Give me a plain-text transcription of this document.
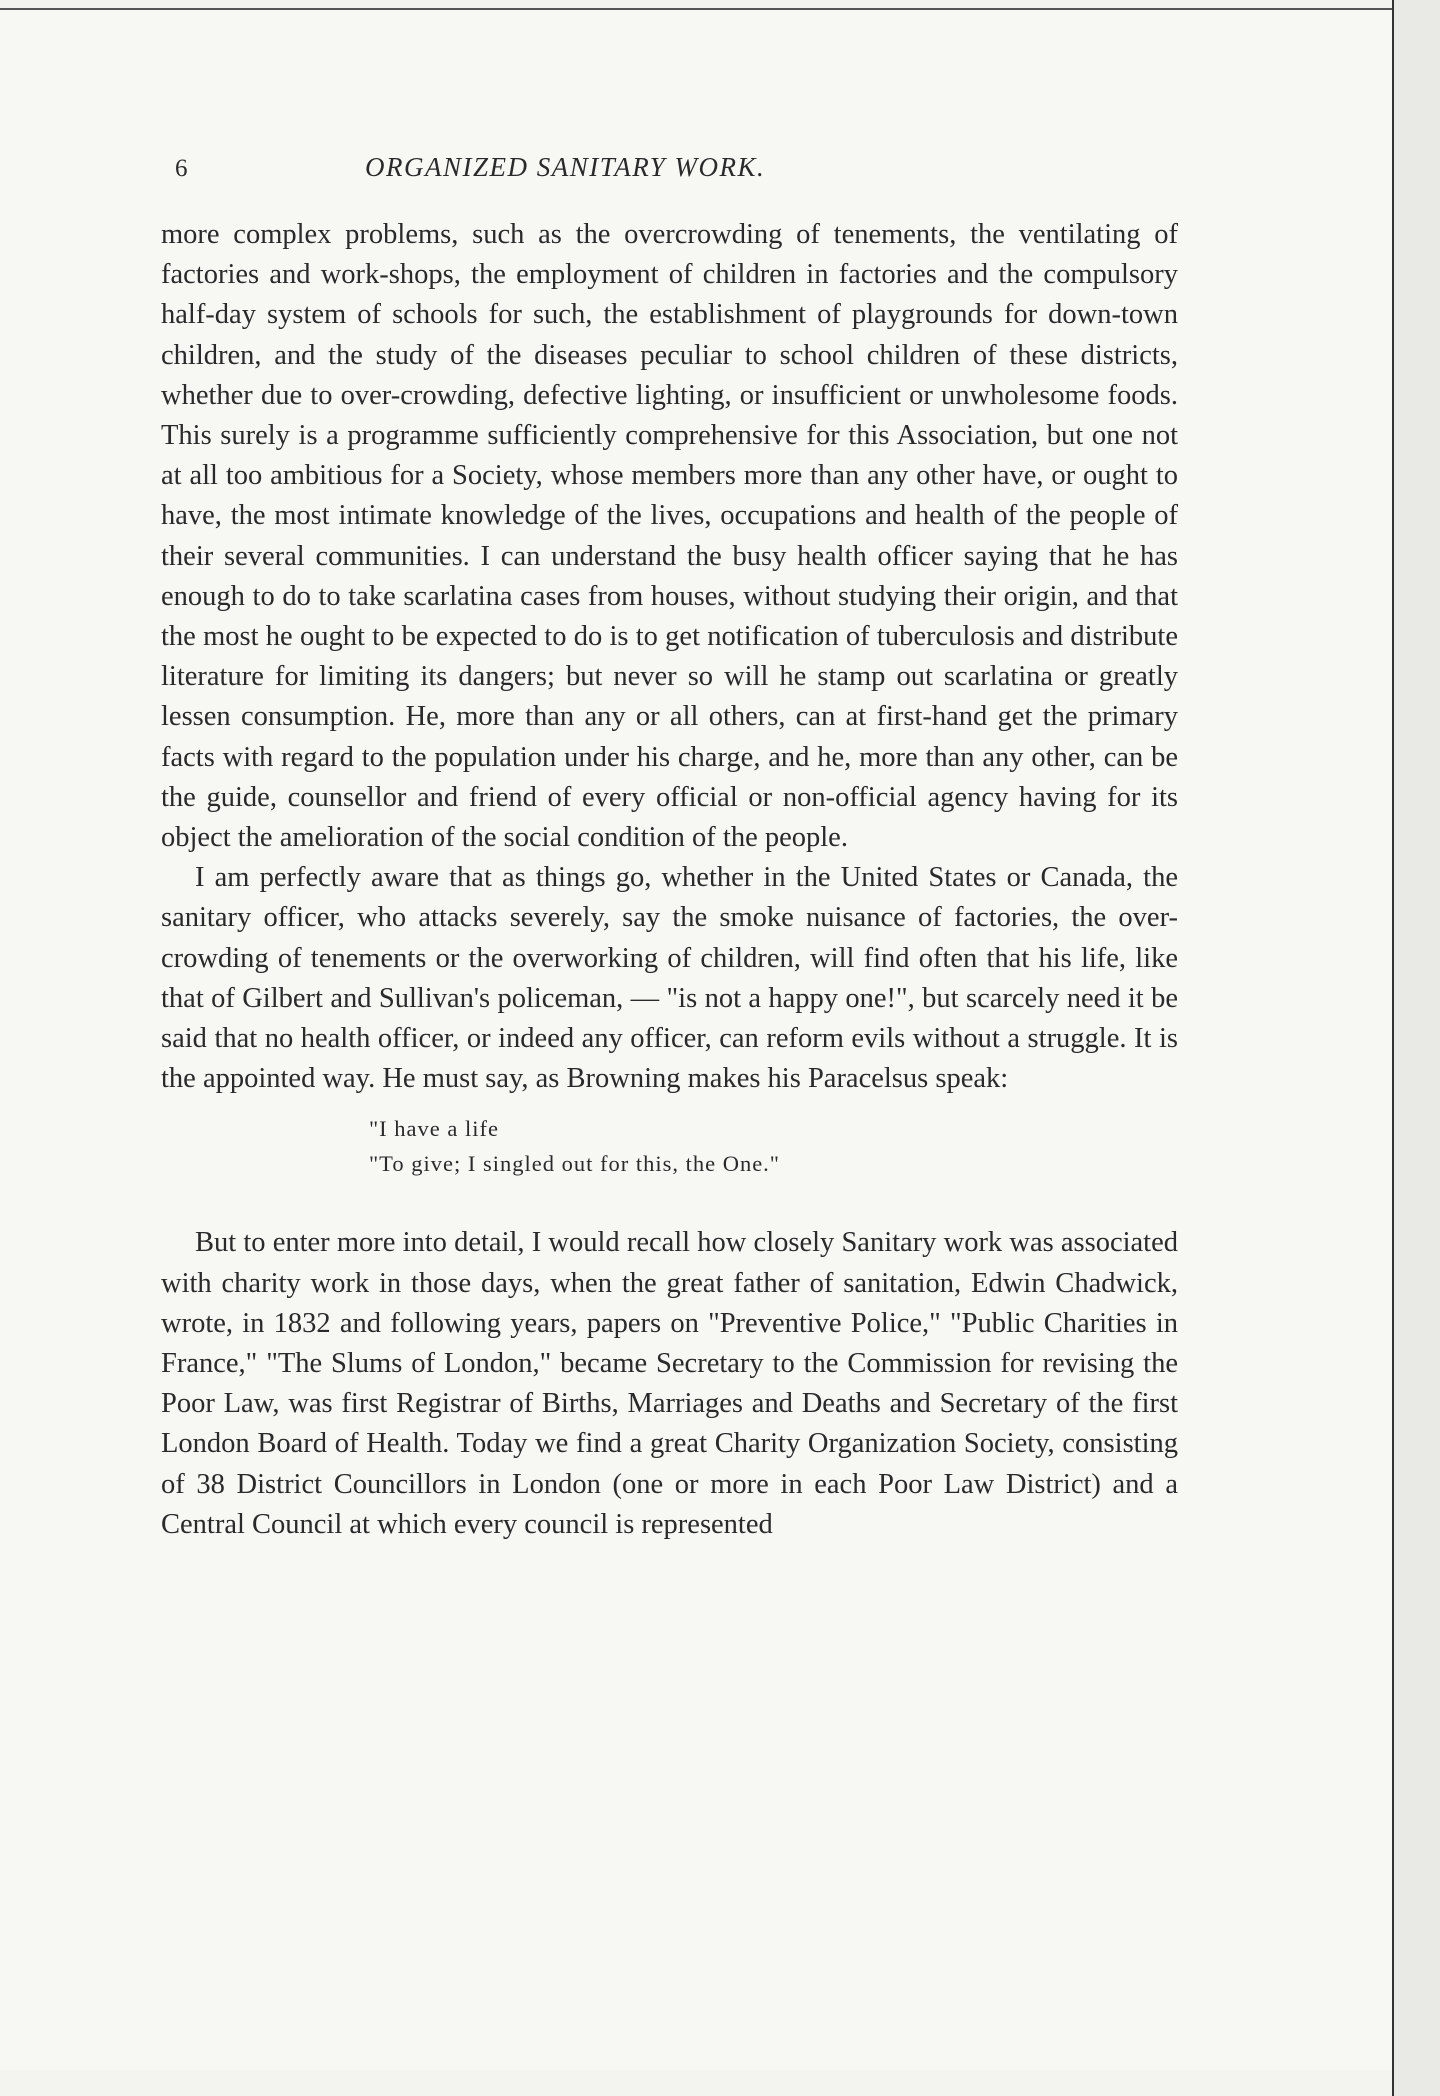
6	ORGANIZED SANITARY WORK.

more complex problems, such as the overcrowding of tenements, the ventilating of factories and work-shops, the employment of children in factories and the compulsory half-day system of schools for such, the establishment of playgrounds for down-town children, and the study of the diseases peculiar to school children of these districts, whether due to over-crowding, defective lighting, or insufficient or unwholesome foods. This surely is a programme sufficiently comprehensive for this Association, but one not at all too ambitious for a Society, whose members more than any other have, or ought to have, the most intimate knowledge of the lives, occupations and health of the people of their several communities. I can understand the busy health officer saying that he has enough to do to take scarlatina cases from houses, without studying their origin, and that the most he ought to be expected to do is to get notification of tuberculosis and distribute literature for limiting its dangers; but never so will he stamp out scarlatina or greatly lessen consumption. He, more than any or all others, can at first-hand get the primary facts with regard to the population under his charge, and he, more than any other, can be the guide, counsellor and friend of every official or non-official agency having for its object the amelioration of the social condition of the people.

I am perfectly aware that as things go, whether in the United States or Canada, the sanitary officer, who attacks severely, say the smoke nuisance of factories, the over-crowding of tenements or the overworking of children, will find often that his life, like that of Gilbert and Sullivan's policeman, — "is not a happy one!", but scarcely need it be said that no health officer, or indeed any officer, can reform evils without a struggle. It is the appointed way. He must say, as Browning makes his Paracelsus speak:

"I have a life
"To give; I singled out for this, the One."

But to enter more into detail, I would recall how closely Sanitary work was associated with charity work in those days, when the great father of sanitation, Edwin Chadwick, wrote, in 1832 and following years, papers on "Preventive Police," "Public Charities in France," "The Slums of London," became Secretary to the Commission for revising the Poor Law, was first Registrar of Births, Marriages and Deaths and Secretary of the first London Board of Health. Today we find a great Charity Organization Society, consisting of 38 District Councillors in London (one or more in each Poor Law District) and a Central Council at which every council is represented
